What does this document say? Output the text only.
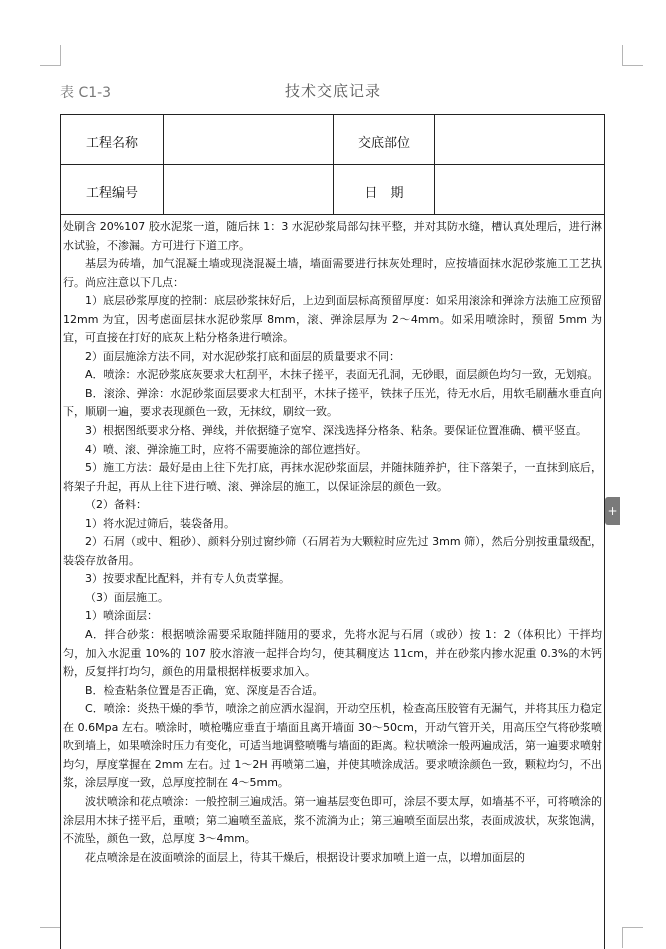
表 C1-3	技术交底记录
工程名称	交底部位
工程编号	日　期

处刷含 20%107 胶水泥浆一道，随后抹 1：3 水泥砂浆局部勾抹平整，并对其防水缝，槽认真处理后，进行淋水试验，不渗漏。方可进行下道工序。

基层为砖墙，加气混凝土墙或现浇混凝土墙，墙面需要进行抹灰处理时，应按墙面抹水泥砂浆施工工艺执行。尚应注意以下几点：

1）底层砂浆厚度的控制：底层砂浆抹好后，上边到面层标高预留厚度：如采用滚涂和弹涂方法施工应预留 12mm 为宜，因考虑面层抹水泥砂浆厚 8mm，滚、弹涂层厚为 2～4mm。如采用喷涂时，预留 5mm 为宜，可直接在打好的底灰上粘分格条进行喷涂。

2）面层施涂方法不同，对水泥砂浆打底和面层的质量要求不同：

A．喷涂：水泥砂浆底灰要求大杠刮平，木抹子搓平，表面无孔洞，无砂眼，面层颜色均匀一致，无划痕。

B．滚涂、弹涂：水泥砂浆面层要求大杠刮平，木抹子搓平，铁抹子压光，待无水后，用软毛刷蘸水垂直向下，顺刷一遍，要求表现颜色一致，无抹纹，刷纹一致。

3）根据图纸要求分格、弹线，并依据缝子宽窄、深浅选择分格条、粘条。要保证位置准确、横平竖直。

4）喷、滚、弹涂施工时，应将不需要施涂的部位遮挡好。

5）施工方法：最好是由上往下先打底，再抹水泥砂浆面层，并随抹随养护，往下落架子，一直抹到底后，将架子升起，再从上往下进行喷、滚、弹涂层的施工，以保证涂层的颜色一致。

（2）备料：

1）将水泥过筛后，装袋备用。

2）石屑（或中、粗砂）、颜料分别过窗纱筛（石屑若为大颗粒时应先过 3mm 筛），然后分别按重量级配，装袋存放备用。

3）按要求配比配料，并有专人负责掌握。

（3）面层施工。

1）喷涂面层：

A．拌合砂浆：根据喷涂需要采取随拌随用的要求，先将水泥与石屑（或砂）按 1：2（体积比）干拌均匀，加入水泥重 10%的 107 胶水溶液一起拌合均匀，使其稠度达 11cm，并在砂浆内掺水泥重 0.3%的木钙粉，反复拌打均匀，颜色的用量根据样板要求加入。

B．检查粘条位置是否正确，宽、深度是否合适。

C．喷涂：炎热干燥的季节，喷涂之前应洒水湿润，开动空压机，检查高压胶管有无漏气，并将其压力稳定在 0.6Mpa 左右。喷涂时，喷枪嘴应垂直于墙面且离开墙面 30～50cm，开动气管开关，用高压空气将砂浆喷吹到墙上，如果喷涂时压力有变化，可适当地调整喷嘴与墙面的距离。粒状喷涂一般两遍成活，第一遍要求喷射均匀，厚度掌握在 2mm 左右。过 1～2H 再喷第二遍，并使其喷涂成活。要求喷涂颜色一致，颗粒均匀，不出浆，涂层厚度一致，总厚度控制在 4～5mm。

波状喷涂和花点喷涂：一般控制三遍成活。第一遍基层变色即可，涂层不要太厚，如墙基不平，可将喷涂的涂层用木抹子搓平后，重喷；第二遍喷至盖底，浆不流淌为止；第三遍喷至面层出浆，表面成波状，灰浆饱满，不流坠，颜色一致，总厚度 3～4mm。

花点喷涂是在波面喷涂的面层上，待其干燥后，根据设计要求加喷上道一点，以增加面层的

+
